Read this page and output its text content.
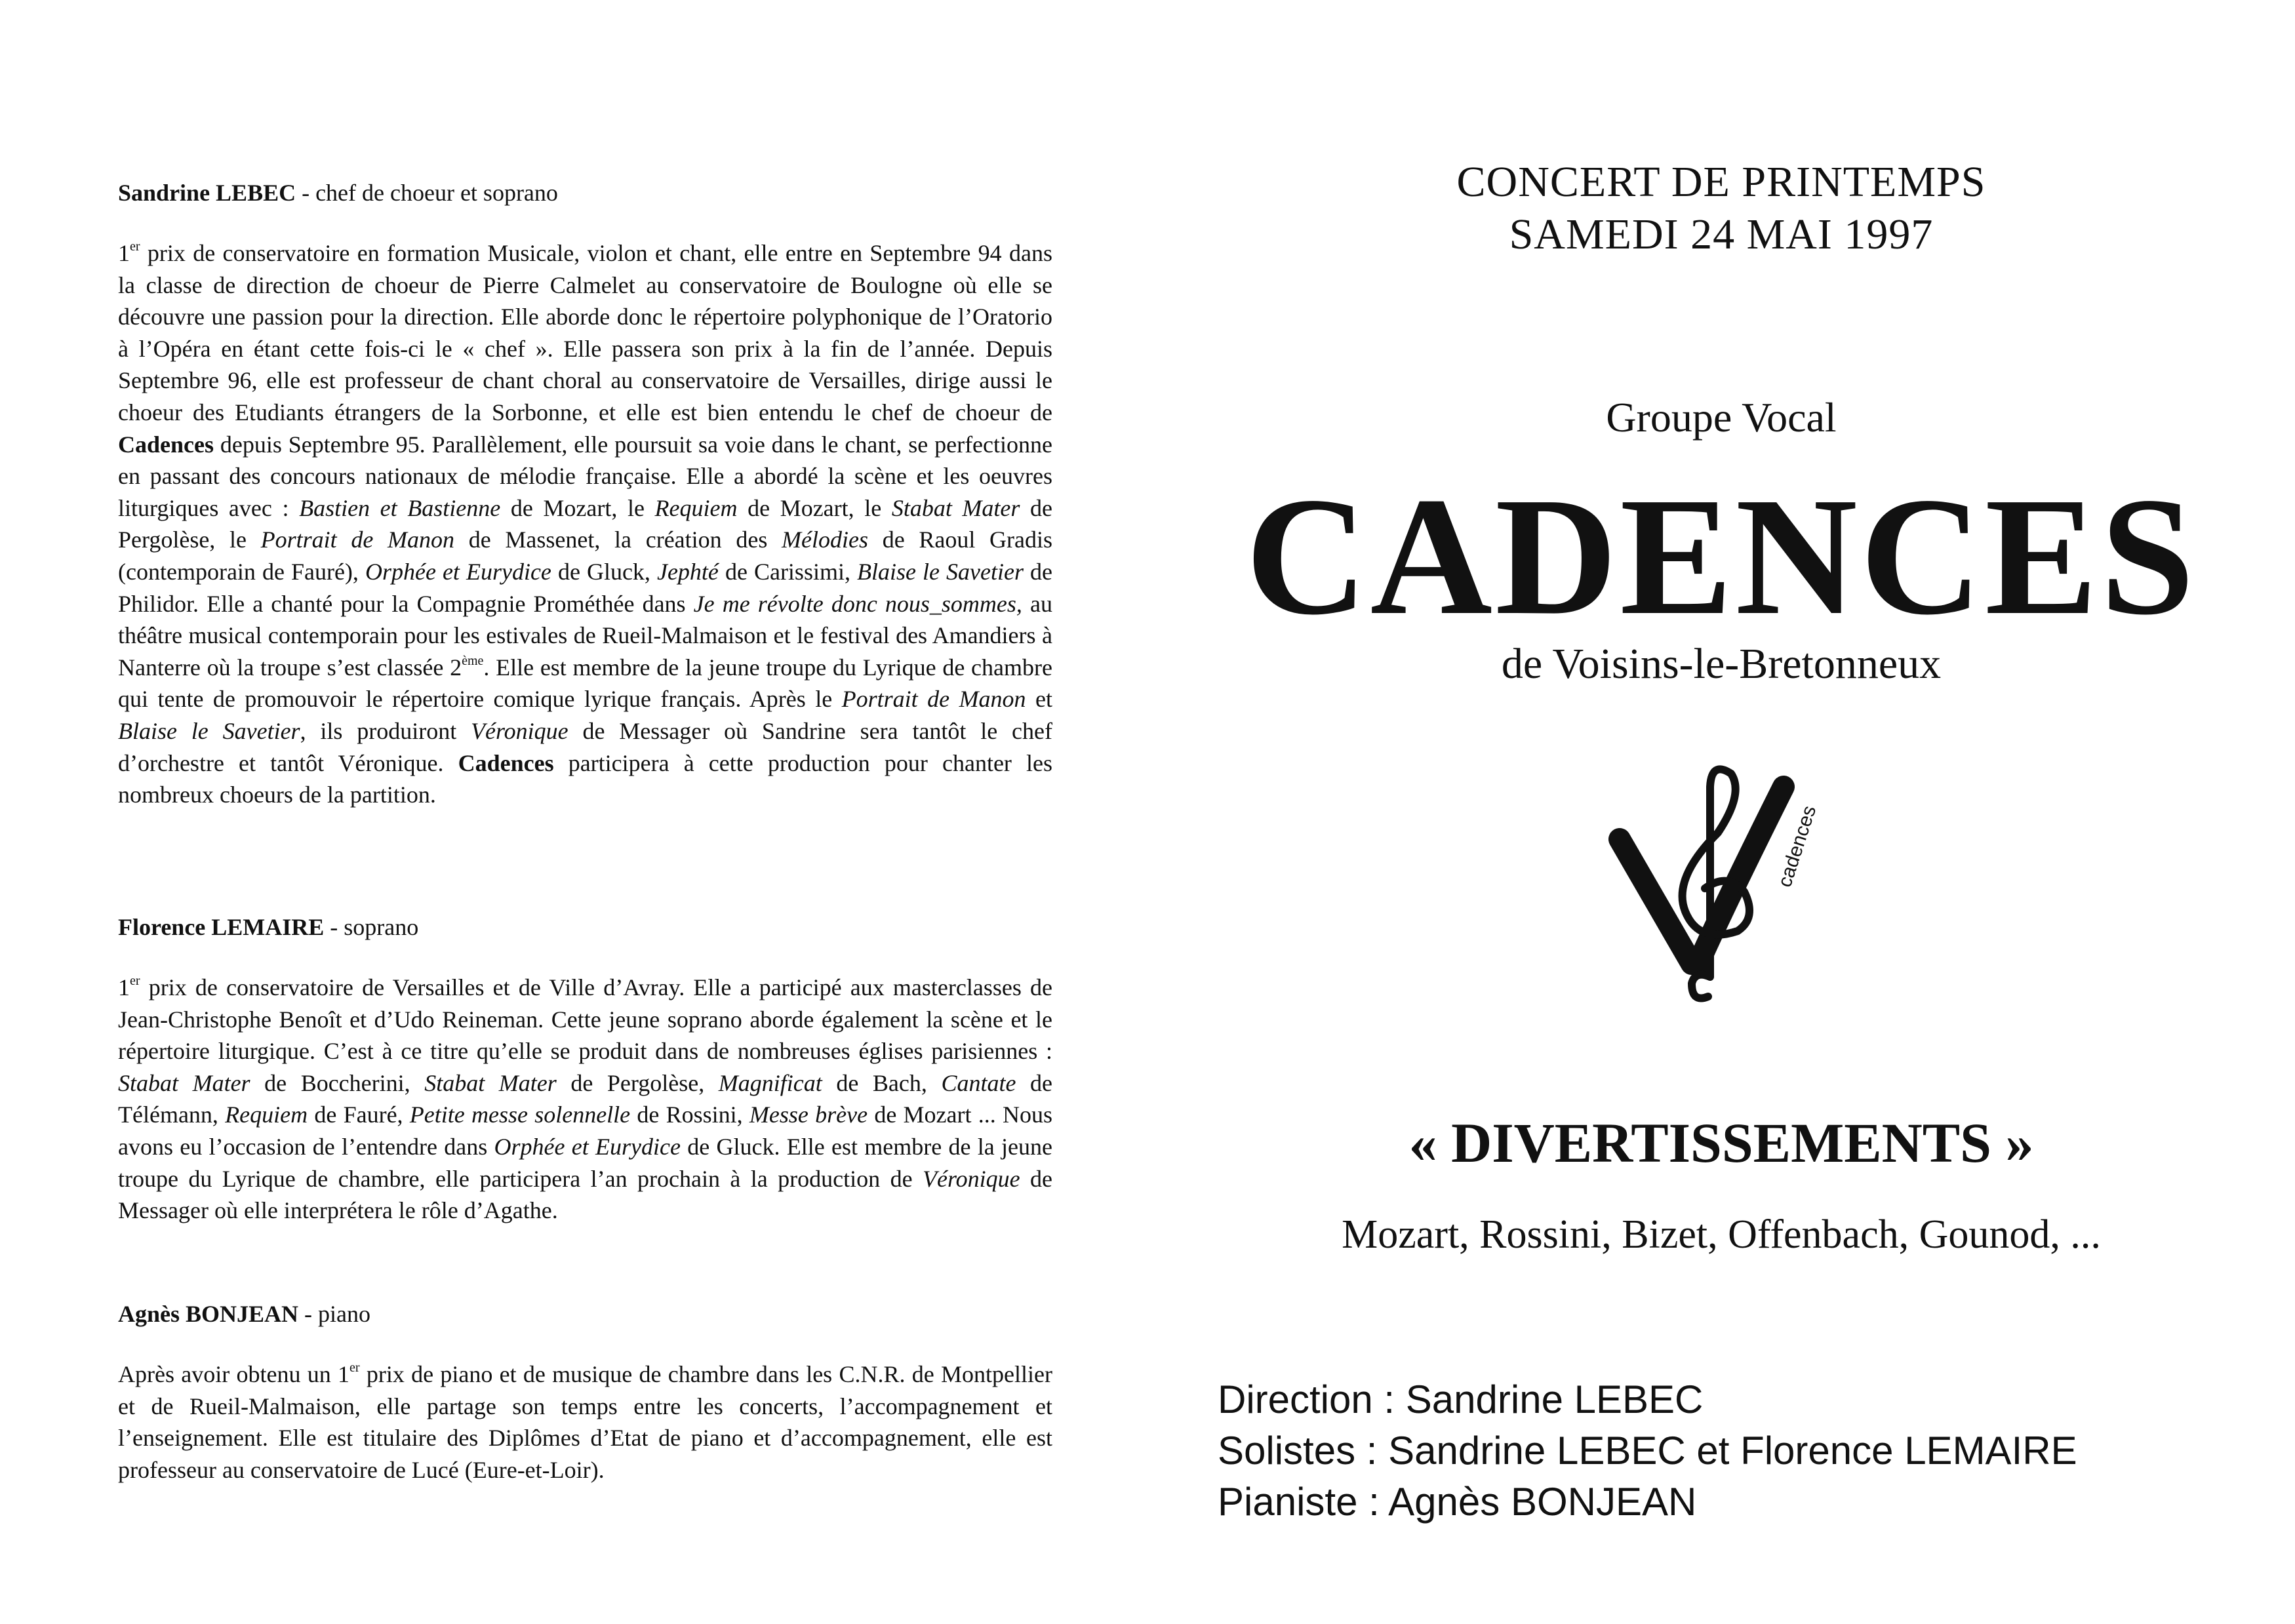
Sandrine LEBEC - chef de choeur et soprano

1er prix de conservatoire en formation Musicale, violon et chant, elle entre en Septembre 94 dans la classe de direction de choeur de Pierre Calmelet au conservatoire de Boulogne où elle se découvre une passion pour la direction. Elle aborde donc le répertoire polyphonique de l’Oratorio à l’Opéra en étant cette fois-ci le « chef ». Elle passera son prix à la fin de l’année. Depuis Septembre 96, elle est professeur de chant choral au conservatoire de Versailles, dirige aussi le choeur des Etudiants étrangers de la Sorbonne, et elle est bien entendu le chef de choeur de Cadences depuis Septembre 95. Parallèlement, elle poursuit sa voie dans le chant, se perfectionne en passant des concours nationaux de mélodie française. Elle a abordé la scène et les oeuvres liturgiques avec : Bastien et Bastienne de Mozart, le Requiem de Mozart, le Stabat Mater de Pergolèse, le Portrait de Manon de Massenet, la création des Mélodies de Raoul Gradis (contemporain de Fauré), Orphée et Eurydice de Gluck, Jephté de Carissimi, Blaise le Savetier de Philidor. Elle a chanté pour la Compagnie Prométhée dans Je me révolte donc nous_sommes, au théâtre musical contemporain pour les estivales de Rueil-Malmaison et le festival des Amandiers à Nanterre où la troupe s’est classée 2ème. Elle est membre de la jeune troupe du Lyrique de chambre qui tente de promouvoir le répertoire comique lyrique français. Après le Portrait de Manon et Blaise le Savetier, ils produiront Véronique de Messager où Sandrine sera tantôt le chef d’orchestre et tantôt Véronique. Cadences participera à cette production pour chanter les nombreux choeurs de la partition.

Florence LEMAIRE - soprano

1er prix de conservatoire de Versailles et de Ville d’Avray. Elle a participé aux masterclasses de Jean-Christophe Benoît et d’Udo Reineman. Cette jeune soprano aborde également la scène et le répertoire liturgique. C’est à ce titre qu’elle se produit dans de nombreuses églises parisiennes : Stabat Mater de Boccherini, Stabat Mater de Pergolèse, Magnificat de Bach, Cantate de Télémann, Requiem de Fauré, Petite messe solennelle de Rossini, Messe brève de Mozart ... Nous avons eu l’occasion de l’entendre dans Orphée et Eurydice de Gluck. Elle est membre de la jeune troupe du Lyrique de chambre, elle participera l’an prochain à la production de Véronique de Messager où elle interprétera le rôle d’Agathe.

Agnès BONJEAN - piano

Après avoir obtenu un 1er prix de piano et de musique de chambre dans les C.N.R. de Montpellier et de Rueil-Malmaison, elle partage son temps entre les concerts, l’accompagnement et l’enseignement. Elle est titulaire des Diplômes d’Etat de piano et d’accompagnement, elle est professeur au conservatoire de Lucé (Eure-et-Loir).

CONCERT DE PRINTEMPS
SAMEDI 24 MAI 1997
Groupe Vocal
CADENCES
de Voisins-le-Bretonneux
cadences
« DIVERTISSEMENTS »
Mozart, Rossini, Bizet, Offenbach, Gounod, ...
Direction : Sandrine LEBEC
Solistes : Sandrine LEBEC et Florence LEMAIRE
Pianiste : Agnès BONJEAN
